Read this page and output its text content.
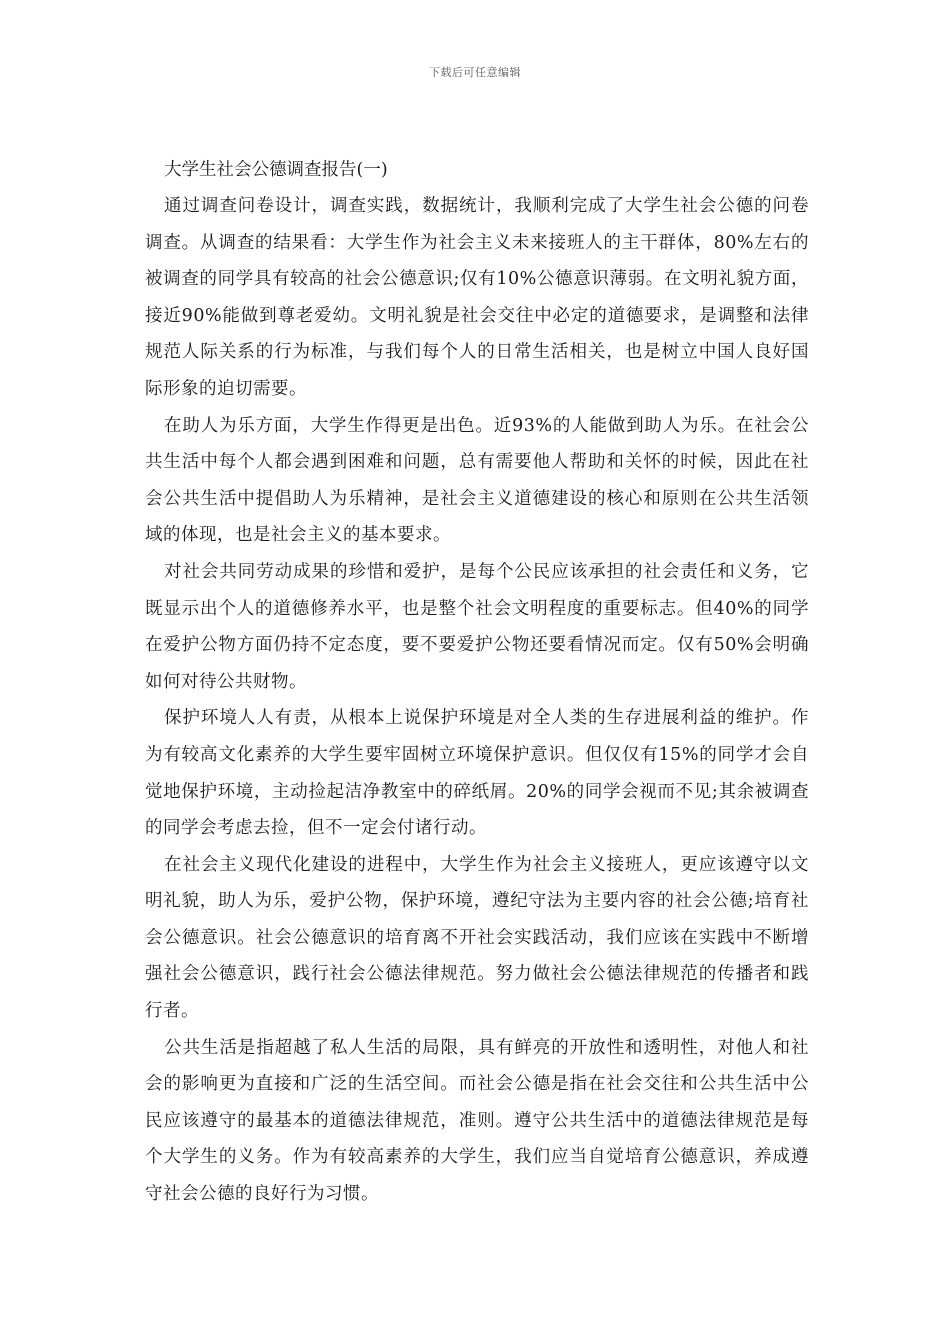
下载后可任意编辑
大学生社会公德调查报告(一)

通过调查问卷设计，调查实践，数据统计，我顺利完成了大学生社会公德的问卷调查。从调查的结果看：大学生作为社会主义未来接班人的主干群体，80%左右的被调查的同学具有较高的社会公德意识;仅有10%公德意识薄弱。在文明礼貌方面，接近90%能做到尊老爱幼。文明礼貌是社会交往中必定的道德要求，是调整和法律规范人际关系的行为标准，与我们每个人的日常生活相关，也是树立中国人良好国际形象的迫切需要。

在助人为乐方面，大学生作得更是出色。近93%的人能做到助人为乐。在社会公共生活中每个人都会遇到困难和问题，总有需要他人帮助和关怀的时候，因此在社会公共生活中提倡助人为乐精神，是社会主义道德建设的核心和原则在公共生活领域的体现，也是社会主义的基本要求。

对社会共同劳动成果的珍惜和爱护，是每个公民应该承担的社会责任和义务，它既显示出个人的道德修养水平，也是整个社会文明程度的重要标志。但40%的同学在爱护公物方面仍持不定态度，要不要爱护公物还要看情况而定。仅有50%会明确如何对待公共财物。

保护环境人人有责，从根本上说保护环境是对全人类的生存进展利益的维护。作为有较高文化素养的大学生要牢固树立环境保护意识。但仅仅有15%的同学才会自觉地保护环境，主动捡起洁净教室中的碎纸屑。20%的同学会视而不见;其余被调查的同学会考虑去捡，但不一定会付诸行动。

在社会主义现代化建设的进程中，大学生作为社会主义接班人，更应该遵守以文明礼貌，助人为乐，爱护公物，保护环境，遵纪守法为主要内容的社会公德;培育社会公德意识。社会公德意识的培育离不开社会实践活动，我们应该在实践中不断增强社会公德意识，践行社会公德法律规范。努力做社会公德法律规范的传播者和践行者。

公共生活是指超越了私人生活的局限，具有鲜亮的开放性和透明性，对他人和社会的影响更为直接和广泛的生活空间。而社会公德是指在社会交往和公共生活中公民应该遵守的最基本的道德法律规范，准则。遵守公共生活中的道德法律规范是每个大学生的义务。作为有较高素养的大学生，我们应当自觉培育公德意识，养成遵守社会公德的良好行为习惯。
